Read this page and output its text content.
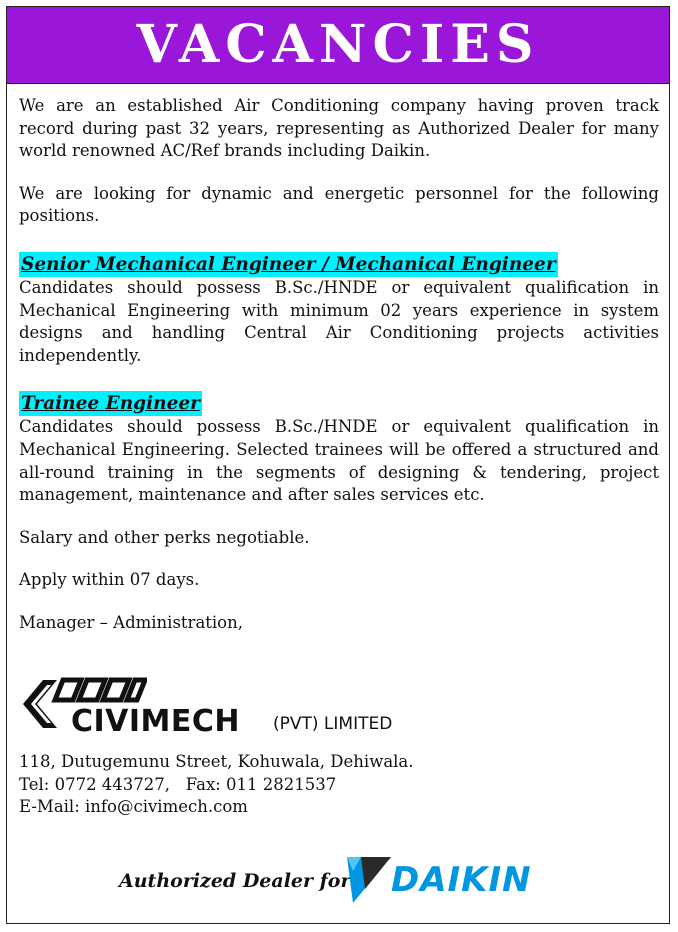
VACANCIES

We are an established Air Conditioning company having proven track record during past 32 years, representing as Authorized Dealer for many world renowned AC/Ref brands including Daikin.

We are looking for dynamic and energetic personnel for the following positions.

Senior Mechanical Engineer / Mechanical Engineer

Candidates should possess B.Sc./HNDE or equivalent qualification in Mechanical Engineering with minimum 02 years experience in system designs and handling Central Air Conditioning projects activities independently.

Trainee Engineer

Candidates should possess B.Sc./HNDE or equivalent qualification in Mechanical Engineering. Selected trainees will be offered a structured and all-round training in the segments of designing & tendering, project management, maintenance and after sales services etc.

Salary and other perks negotiable.

Apply within 07 days.

Manager – Administration,

CIVIMECH (PVT) LIMITED

118, Dutugemunu Street, Kohuwala, Dehiwala.

Tel: 0772 443727,   Fax: 011 2821537

E-Mail: info@civimech.com

Authorized Dealer for DAIKIN
